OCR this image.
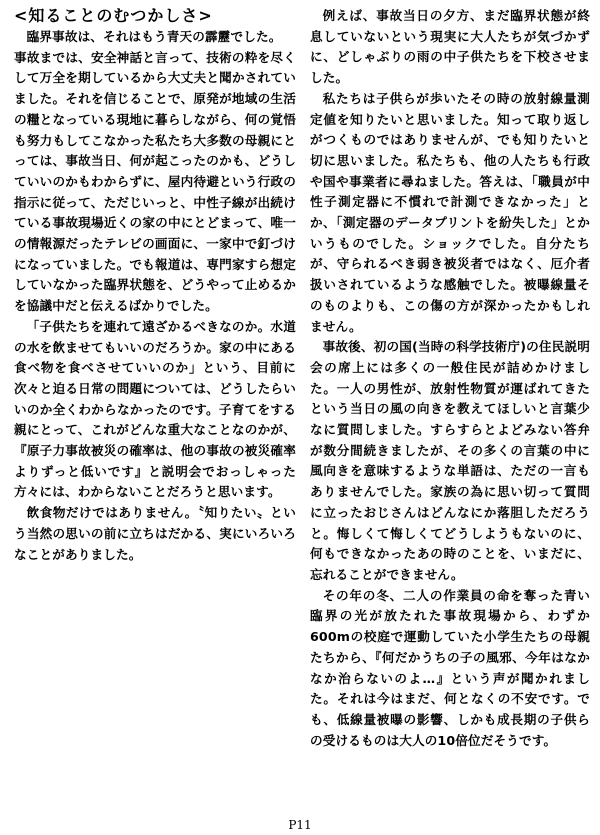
<知ることのむつかしさ>

臨界事故は、それはもう青天の霹靂でした。

事故までは、安全神話と言って、技術の粋を尽くして万全を期しているから大丈夫と聞かされていました。それを信じることで、原発が地域の生活の糧となっている現地に暮らしながら、何の覚悟も努力もしてこなかった私たち大多数の母親にとっては、事故当日、何が起こったのかも、どうしていいのかもわからずに、屋内待避という行政の指示に従って、ただじいっと、中性子線が出続けている事故現場近くの家の中にとどまって、唯一の情報源だったテレビの画面に、一家中で釘づけになっていました。でも報道は、専門家すら想定していなかった臨界状態を、どうやって止めるかを協議中だと伝えるばかりでした。

「子供たちを連れて遠ざかるべきなのか。水道の水を飲ませてもいいのだろうか。家の中にある食べ物を食べさせていいのか」という、目前に次々と迫る日常の問題については、どうしたらいいのか全くわからなかったのです。子育てをする親にとって、これがどんな重大なことなのかが、『原子力事故被災の確率は、他の事故の被災確率よりずっと低いです』と説明会でおっしゃった方々には、わからないことだろうと思います。

飲食物だけではありません。〝知りたい〟という当然の思いの前に立ちはだかる、実にいろいろなことがありました。

例えば、事故当日の夕方、まだ臨界状態が終息していないという現実に大人たちが気づかずに、どしゃぶりの雨の中子供たちを下校させました。

私たちは子供らが歩いたその時の放射線量測定値を知りたいと思いました。知って取り返しがつくものではありませんが、でも知りたいと切に思いました。私たちも、他の人たちも行政や国や事業者に尋ねました。答えは、「職員が中性子測定器に不慣れで計測できなかった」とか、「測定器のデータプリントを紛失した」とかいうものでした。ショックでした。自分たちが、守られるべき弱き被災者ではなく、厄介者扱いされているような感触でした。被曝線量そのものよりも、この傷の方が深かったかもしれません。

事故後、初の国(当時の科学技術庁)の住民説明会の席上には多くの一般住民が詰めかけました。一人の男性が、放射性物質が運ばれてきたという当日の風の向きを教えてほしいと言葉少なに質問しました。すらすらとよどみない答弁が数分間続きましたが、その多くの言葉の中に風向きを意味するような単語は、ただの一言もありませんでした。家族の為に思い切って質問に立ったおじさんはどんなにか落胆しただろうと。悔しくて悔しくてどうしようもないのに、何もできなかったあの時のことを、いまだに、忘れることができません。

その年の冬、二人の作業員の命を奪った青い臨界の光が放たれた事故現場から、わずか600mの校庭で運動していた小学生たちの母親たちから、『何だかうちの子の風邪、今年はなかなか治らないのよ…』という声が聞かれました。それは今はまだ、何となくの不安です。でも、低線量被曝の影響、しかも成長期の子供らの受けるものは大人の10倍位だそうです。

P11
